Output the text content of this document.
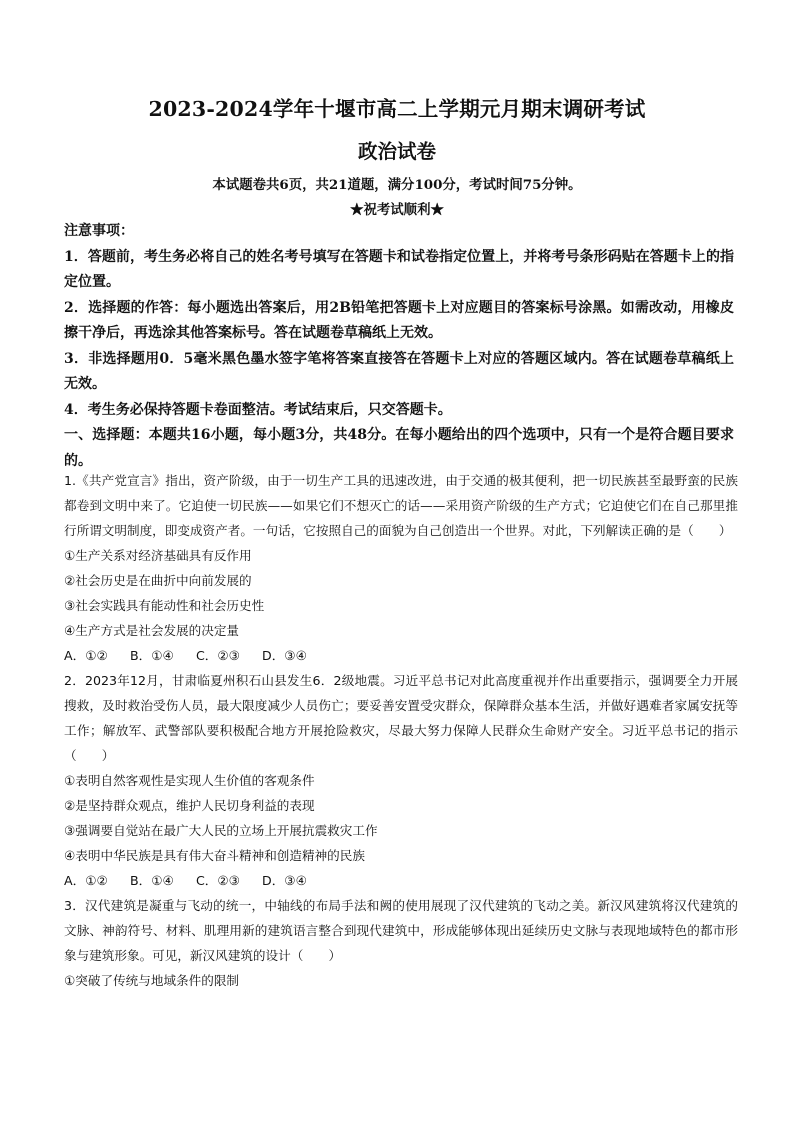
2023-2024学年十堰市高二上学期元月期末调研考试
政治试卷
本试题卷共6页，共21道题，满分100分，考试时间75分钟。
★祝考试顺利★

注意事项：

1．答题前，考生务必将自己的姓名考号填写在答题卡和试卷指定位置上，并将考号条形码贴在答题卡上的指定位置。

2．选择题的作答：每小题选出答案后，用2B铅笔把答题卡上对应题目的答案标号涂黑。如需改动，用橡皮擦干净后，再选涂其他答案标号。答在试题卷草稿纸上无效。

3．非选择题用0．5毫米黑色墨水签字笔将答案直接答在答题卡上对应的答题区域内。答在试题卷草稿纸上无效。

4．考生务必保持答题卡卷面整洁。考试结束后，只交答题卡。

一、选择题：本题共16小题，每小题3分，共48分。在每小题给出的四个选项中，只有一个是符合题目要求的。

1.《共产党宣言》指出，资产阶级，由于一切生产工具的迅速改进，由于交通的极其便利，把一切民族甚至最野蛮的民族都卷到文明中来了。它迫使一切民族——如果它们不想灭亡的话——采用资产阶级的生产方式；它迫使它们在自己那里推行所谓文明制度，即变成资产者。一句话，它按照自己的面貌为自己创造出一个世界。对此，下列解读正确的是（　　）

①生产关系对经济基础具有反作用

②社会历史是在曲折中向前发展的

③社会实践具有能动性和社会历史性

④生产方式是社会发展的决定量

A．①②	B．①④	C．②③	D．③④

2．2023年12月，甘肃临夏州积石山县发生6．2级地震。习近平总书记对此高度重视并作出重要指示，强调要全力开展搜救，及时救治受伤人员，最大限度减少人员伤亡；要妥善安置受灾群众，保障群众基本生活，并做好遇难者家属安抚等工作；解放军、武警部队要积极配合地方开展抢险救灾，尽最大努力保障人民群众生命财产安全。习近平总书记的指示（　　）

①表明自然客观性是实现人生价值的客观条件

②是坚持群众观点，维护人民切身利益的表现

③强调要自觉站在最广大人民的立场上开展抗震救灾工作

④表明中华民族是具有伟大奋斗精神和创造精神的民族

A．①②	B．①④	C．②③	D．③④

3．汉代建筑是凝重与飞动的统一，中轴线的布局手法和阙的使用展现了汉代建筑的飞动之美。新汉风建筑将汉代建筑的文脉、神韵符号、材料、肌理用新的建筑语言整合到现代建筑中，形成能够体现出延续历史文脉与表现地域特色的都市形象与建筑形象。可见，新汉风建筑的设计（　　）

①突破了传统与地域条件的限制
